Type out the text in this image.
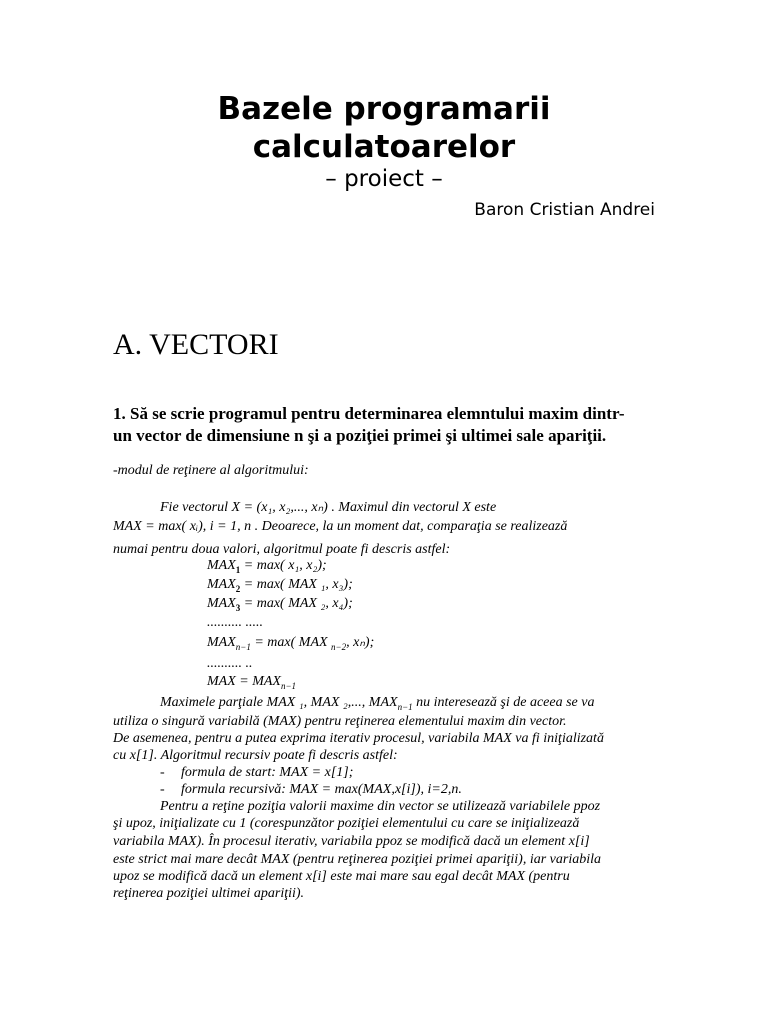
Bazele programarii
calculatoarelor
– proiect –
Baron Cristian Andrei
A. VECTORI
1. Să se scrie programul pentru determinarea elemntului maxim dintr-
un vector de dimensiune n şi a poziţiei primei şi ultimei sale apariţii.
-modul de reţinere al algoritmului:
Fie vectorul X = (x₁, x₂,..., xₙ) . Maximul din vectorul X este
MAX = max( xᵢ), i = 1, n . Deoarece, la un moment dat, comparaţia se realizează
numai pentru doua valori, algoritmul poate fi descris astfel:
$MAX_1 = \max$( x₁, x₂);
$MAX_2 = \max$( MAX ₁, x₃);
$MAX_3 = \max$( MAX ₂, x₄);
.......... .....
$MAX_{n-1} = \max$( MAX $_{n-2}$, xₙ);
.......... ..
MAX = $MAX_{n-1}$
Maximele parţiale MAX ₁, MAX ₂,..., $MAX_{n-1}$ nu interesează şi de aceea se va
utiliza o singură variabilă (MAX) pentru reţinerea elementului maxim din vector.
De asemenea, pentru a putea exprima iterativ procesul, variabila MAX va fi iniţializată
cu x[1]. Algoritmul recursiv poate fi descris astfel:
- formula de start: MAX = x[1];
- formula recursivă: MAX = max(MAX,x[i]), i=2,n.
Pentru a reţine poziţia valorii maxime din vector se utilizează variabilele ppoz
şi upoz, iniţializate cu 1 (corespunzător poziţiei elementului cu care se iniţializează
variabila MAX). În procesul iterativ, variabila ppoz se modifică dacă un element x[i]
este strict mai mare decât MAX (pentru reţinerea poziţiei primei apariţii), iar variabila
upoz se modifică dacă un element x[i] este mai mare sau egal decât MAX (pentru
reţinerea poziţiei ultimei apariţii).
